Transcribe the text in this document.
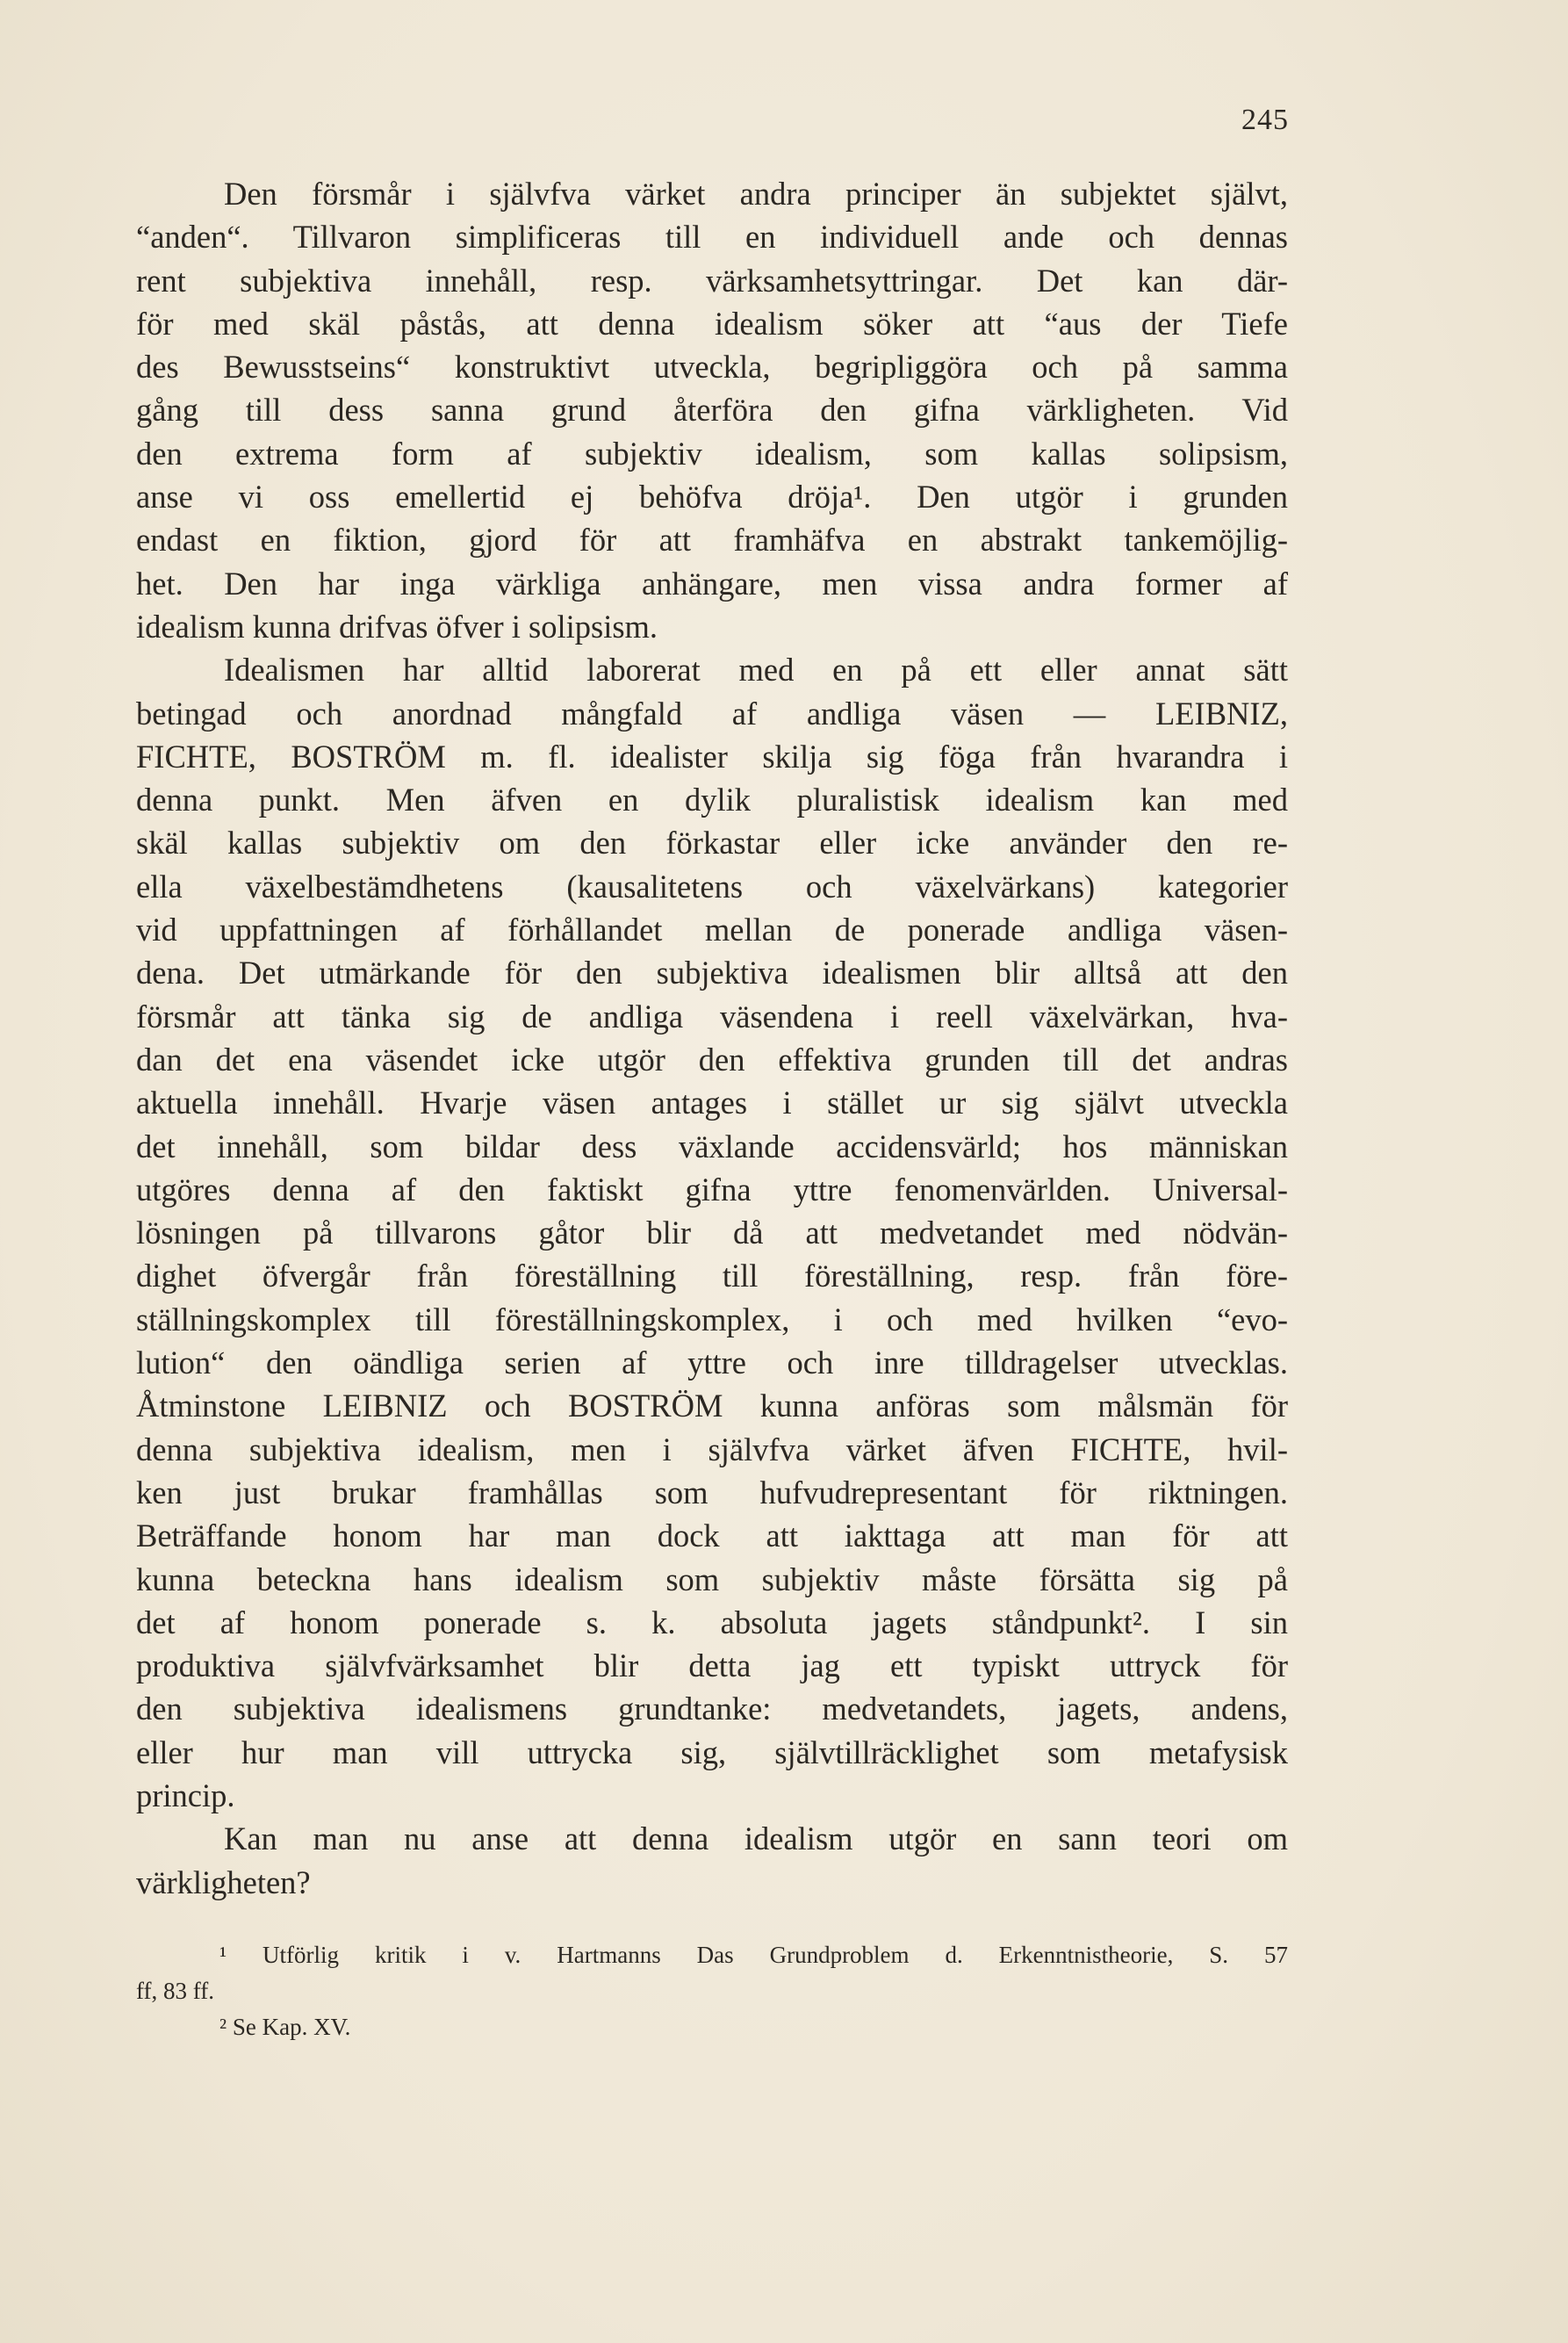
245
Den försmår i självfva värket andra principer än subjektet självt,
“anden“. Tillvaron simplificeras till en individuell ande och dennas
rent subjektiva innehåll, resp. värksamhetsyttringar. Det kan där-
för med skäl påstås, att denna idealism söker att “aus der Tiefe
des Bewusstseins“ konstruktivt utveckla, begripliggöra och på samma
gång till dess sanna grund återföra den gifna värkligheten. Vid
den extrema form af subjektiv idealism, som kallas solipsism,
anse vi oss emellertid ej behöfva dröja¹. Den utgör i grunden
endast en fiktion, gjord för att framhäfva en abstrakt tankemöjlig-
het. Den har inga värkliga anhängare, men vissa andra former af
idealism kunna drifvas öfver i solipsism.
Idealismen har alltid laborerat med en på ett eller annat sätt
betingad och anordnad mångfald af andliga väsen — LEIBNIZ,
FICHTE, BOSTRÖM m. fl. idealister skilja sig föga från hvarandra i
denna punkt. Men äfven en dylik pluralistisk idealism kan med
skäl kallas subjektiv om den förkastar eller icke använder den re-
ella växelbestämdhetens (kausalitetens och växelvärkans) kategorier
vid uppfattningen af förhållandet mellan de ponerade andliga väsen-
dena. Det utmärkande för den subjektiva idealismen blir alltså att den
försmår att tänka sig de andliga väsendena i reell växelvärkan, hva-
dan det ena väsendet icke utgör den effektiva grunden till det andras
aktuella innehåll. Hvarje väsen antages i stället ur sig självt utveckla
det innehåll, som bildar dess växlande accidensvärld; hos människan
utgöres denna af den faktiskt gifna yttre fenomenvärlden. Universal-
lösningen på tillvarons gåtor blir då att medvetandet med nödvän-
dighet öfvergår från föreställning till föreställning, resp. från före-
ställningskomplex till föreställningskomplex, i och med hvilken “evo-
lution“ den oändliga serien af yttre och inre tilldragelser utvecklas.
Åtminstone LEIBNIZ och BOSTRÖM kunna anföras som målsmän för
denna subjektiva idealism, men i självfva värket äfven FICHTE, hvil-
ken just brukar framhållas som hufvudrepresentant för riktningen.
Beträffande honom har man dock att iakttaga att man för att
kunna beteckna hans idealism som subjektiv måste försätta sig på
det af honom ponerade s. k. absoluta jagets ståndpunkt². I sin
produktiva självfvärksamhet blir detta jag ett typiskt uttryck för
den subjektiva idealismens grundtanke: medvetandets, jagets, andens,
eller hur man vill uttrycka sig, självtillräcklighet som metafysisk
princip.
Kan man nu anse att denna idealism utgör en sann teori om
värkligheten?
¹ Utförlig kritik i v. Hartmanns Das Grundproblem d. Erkenntnistheorie, S. 57
ff, 83 ff.
² Se Kap. XV.
